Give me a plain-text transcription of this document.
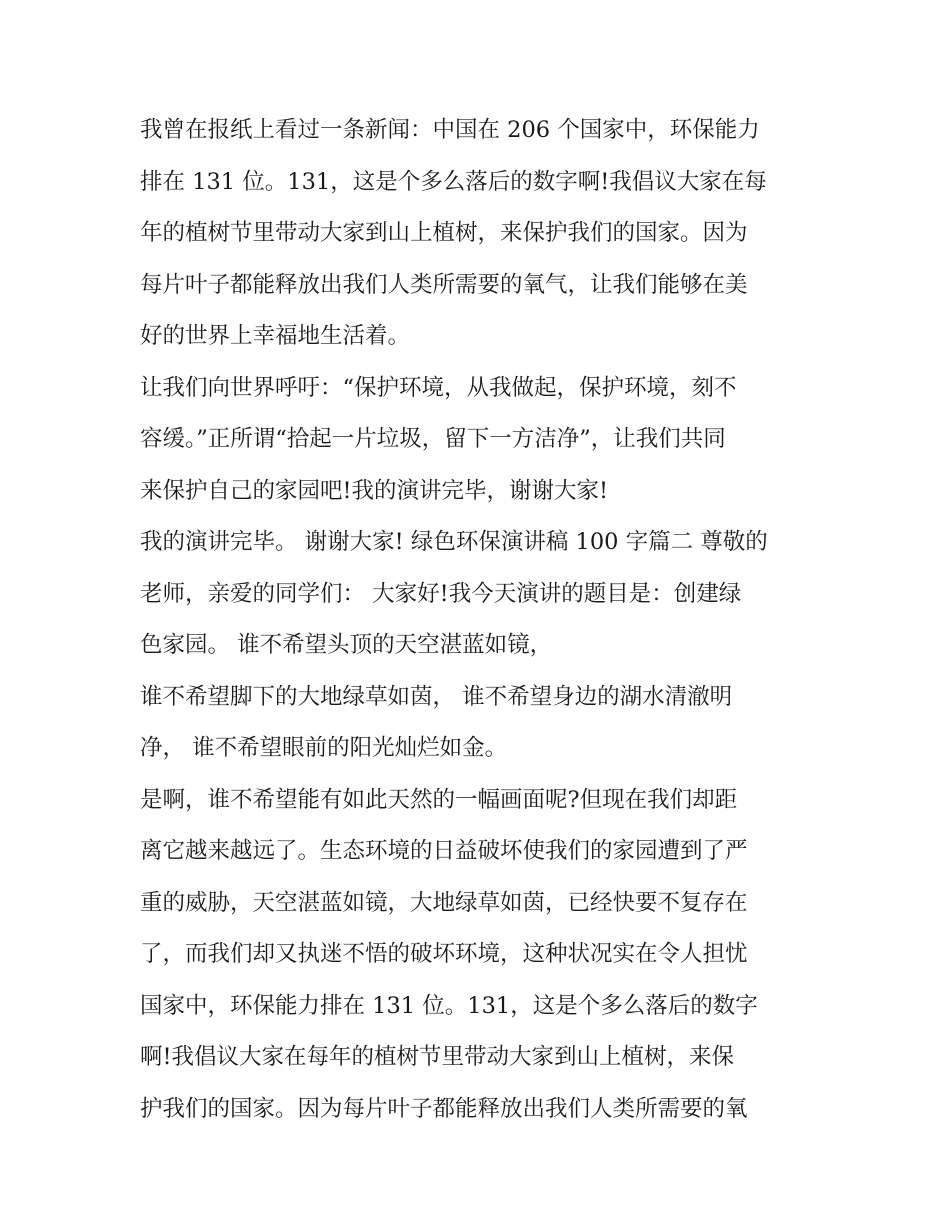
我曾在报纸上看过一条新闻：中国在 206 个国家中，环保能力
排在 131 位。131，这是个多么落后的数字啊!我倡议大家在每
年的植树节里带动大家到山上植树，来保护我们的国家。因为
每片叶子都能释放出我们人类所需要的氧气，让我们能够在美
好的世界上幸福地生活着。
让我们向世界呼吁：“保护环境，从我做起，保护环境，刻不
容缓。”正所谓“拾起一片垃圾，留下一方洁净”，让我们共同
来保护自己的家园吧!我的演讲完毕，谢谢大家!
我的演讲完毕。 谢谢大家! 绿色环保演讲稿 100 字篇二 尊敬的
老师，亲爱的同学们： 大家好!我今天演讲的题目是：创建绿
色家园。 谁不希望头顶的天空湛蓝如镜，
谁不希望脚下的大地绿草如茵， 谁不希望身边的湖水清澈明
净， 谁不希望眼前的阳光灿烂如金。
是啊，谁不希望能有如此天然的一幅画面呢?但现在我们却距
离它越来越远了。生态环境的日益破坏使我们的家园遭到了严
重的威胁，天空湛蓝如镜，大地绿草如茵，已经快要不复存在
了，而我们却又执迷不悟的破坏环境，这种状况实在令人担忧
国家中，环保能力排在 131 位。131，这是个多么落后的数字
啊!我倡议大家在每年的植树节里带动大家到山上植树，来保
护我们的国家。因为每片叶子都能释放出我们人类所需要的氧
